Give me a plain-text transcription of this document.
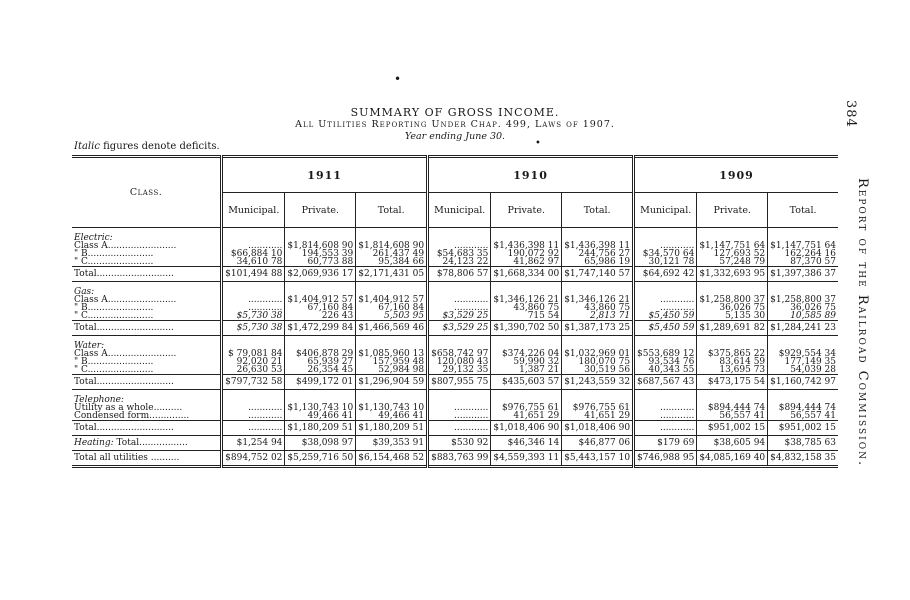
384
Report of the Railroad Commission.
•
•
SUMMARY OF GROSS INCOME.
All Utilities Reporting Under Chap. 499, Laws of 1907.
Year ending June 30.
Italic figures denote deficits.
Class.	1911			1910			1909		
	Municipal.	Private.	Total.	Municipal.	Private.	Total.	Municipal.	Private.	Total.
Electric:									
Class A........................	............	$1,814,608 90	$1,814,608 90	............	$1,436,398 11	$1,436,398 11	............	$1,147,751 64	$1,147,751 64
" B.......................	$66,884 10	194,553 39	261,437 49	$54,683 35	190,072 92	244,756 27	$34,570 64	127,693 52	162,264 16
" C.......................	34,610 78	60,773 88	95,384 66	24,123 22	41,862 97	65,986 19	30,121 78	57,248 79	87,370 57
Total...........................	$101,494 88	$2,069,936 17	$2,171,431 05	$78,806 57	$1,668,334 00	$1,747,140 57	$64,692 42	$1,332,693 95	$1,397,386 37
Gas:									
Class A........................	............	$1,404,912 57	$1,404,912 57	............	$1,346,126 21	$1,346,126 21	............	$1,258,800 37	$1,258,800 37
" B.......................	............	67,160 84	67,160 84	............	43,860 75	43,860 75	............	36,026 75	36,026 75
" C.......................	$5,730 38	226 43	5,503 95	$3,529 25	715 54	2,813 71	$5,450 59	5,135 30	10,585 89
Total...........................	$5,730 38	$1,472,299 84	$1,466,569 46	$3,529 25	$1,390,702 50	$1,387,173 25	$5,450 59	$1,289,691 82	$1,284,241 23
Water:									
Class A........................	$ 79,081 84	$406,878 29	$1,085,960 13	$658,742 97	$374,226 04	$1,032,969 01	$553,689 12	$375,865 22	$929,554 34
" B.......................	92,020 21	65,939 27	157,959 48	120,080 43	59,990 32	180,070 75	93,534 76	83,614 59	177,149 35
" C.......................	26,630 53	26,354 45	52,984 98	29,132 35	1,387 21	30,519 56	40,343 55	13,695 73	54,039 28
Total...........................	$797,732 58	$499,172 01	$1,296,904 59	$807,955 75	$435,603 57	$1,243,559 32	$687,567 43	$473,175 54	$1,160,742 97
Telephone:									
Utility as a whole..........	............	$1,130,743 10	$1,130,743 10	............	$976,755 61	$976,755 61	............	$894,444 74	$894,444 74
Condensed form..............	............	49,466 41	49,466 41	............	41,651 29	41,651 29	............	56,557 41	56,557 41
Total...........................	............	$1,180,209 51	$1,180,209 51	............	$1,018,406 90	$1,018,406 90	............	$951,002 15	$951,002 15
Heating: Total.................	$1,254 94	$38,098 97	$39,353 91	$530 92	$46,346 14	$46,877 06	$179 69	$38,605 94	$38,785 63
Total all utilities ..........	$894,752 02	$5,259,716 50	$6,154,468 52	$883,763 99	$4,559,393 11	$5,443,157 10	$746,988 95	$4,085,169 40	$4,832,158 35
